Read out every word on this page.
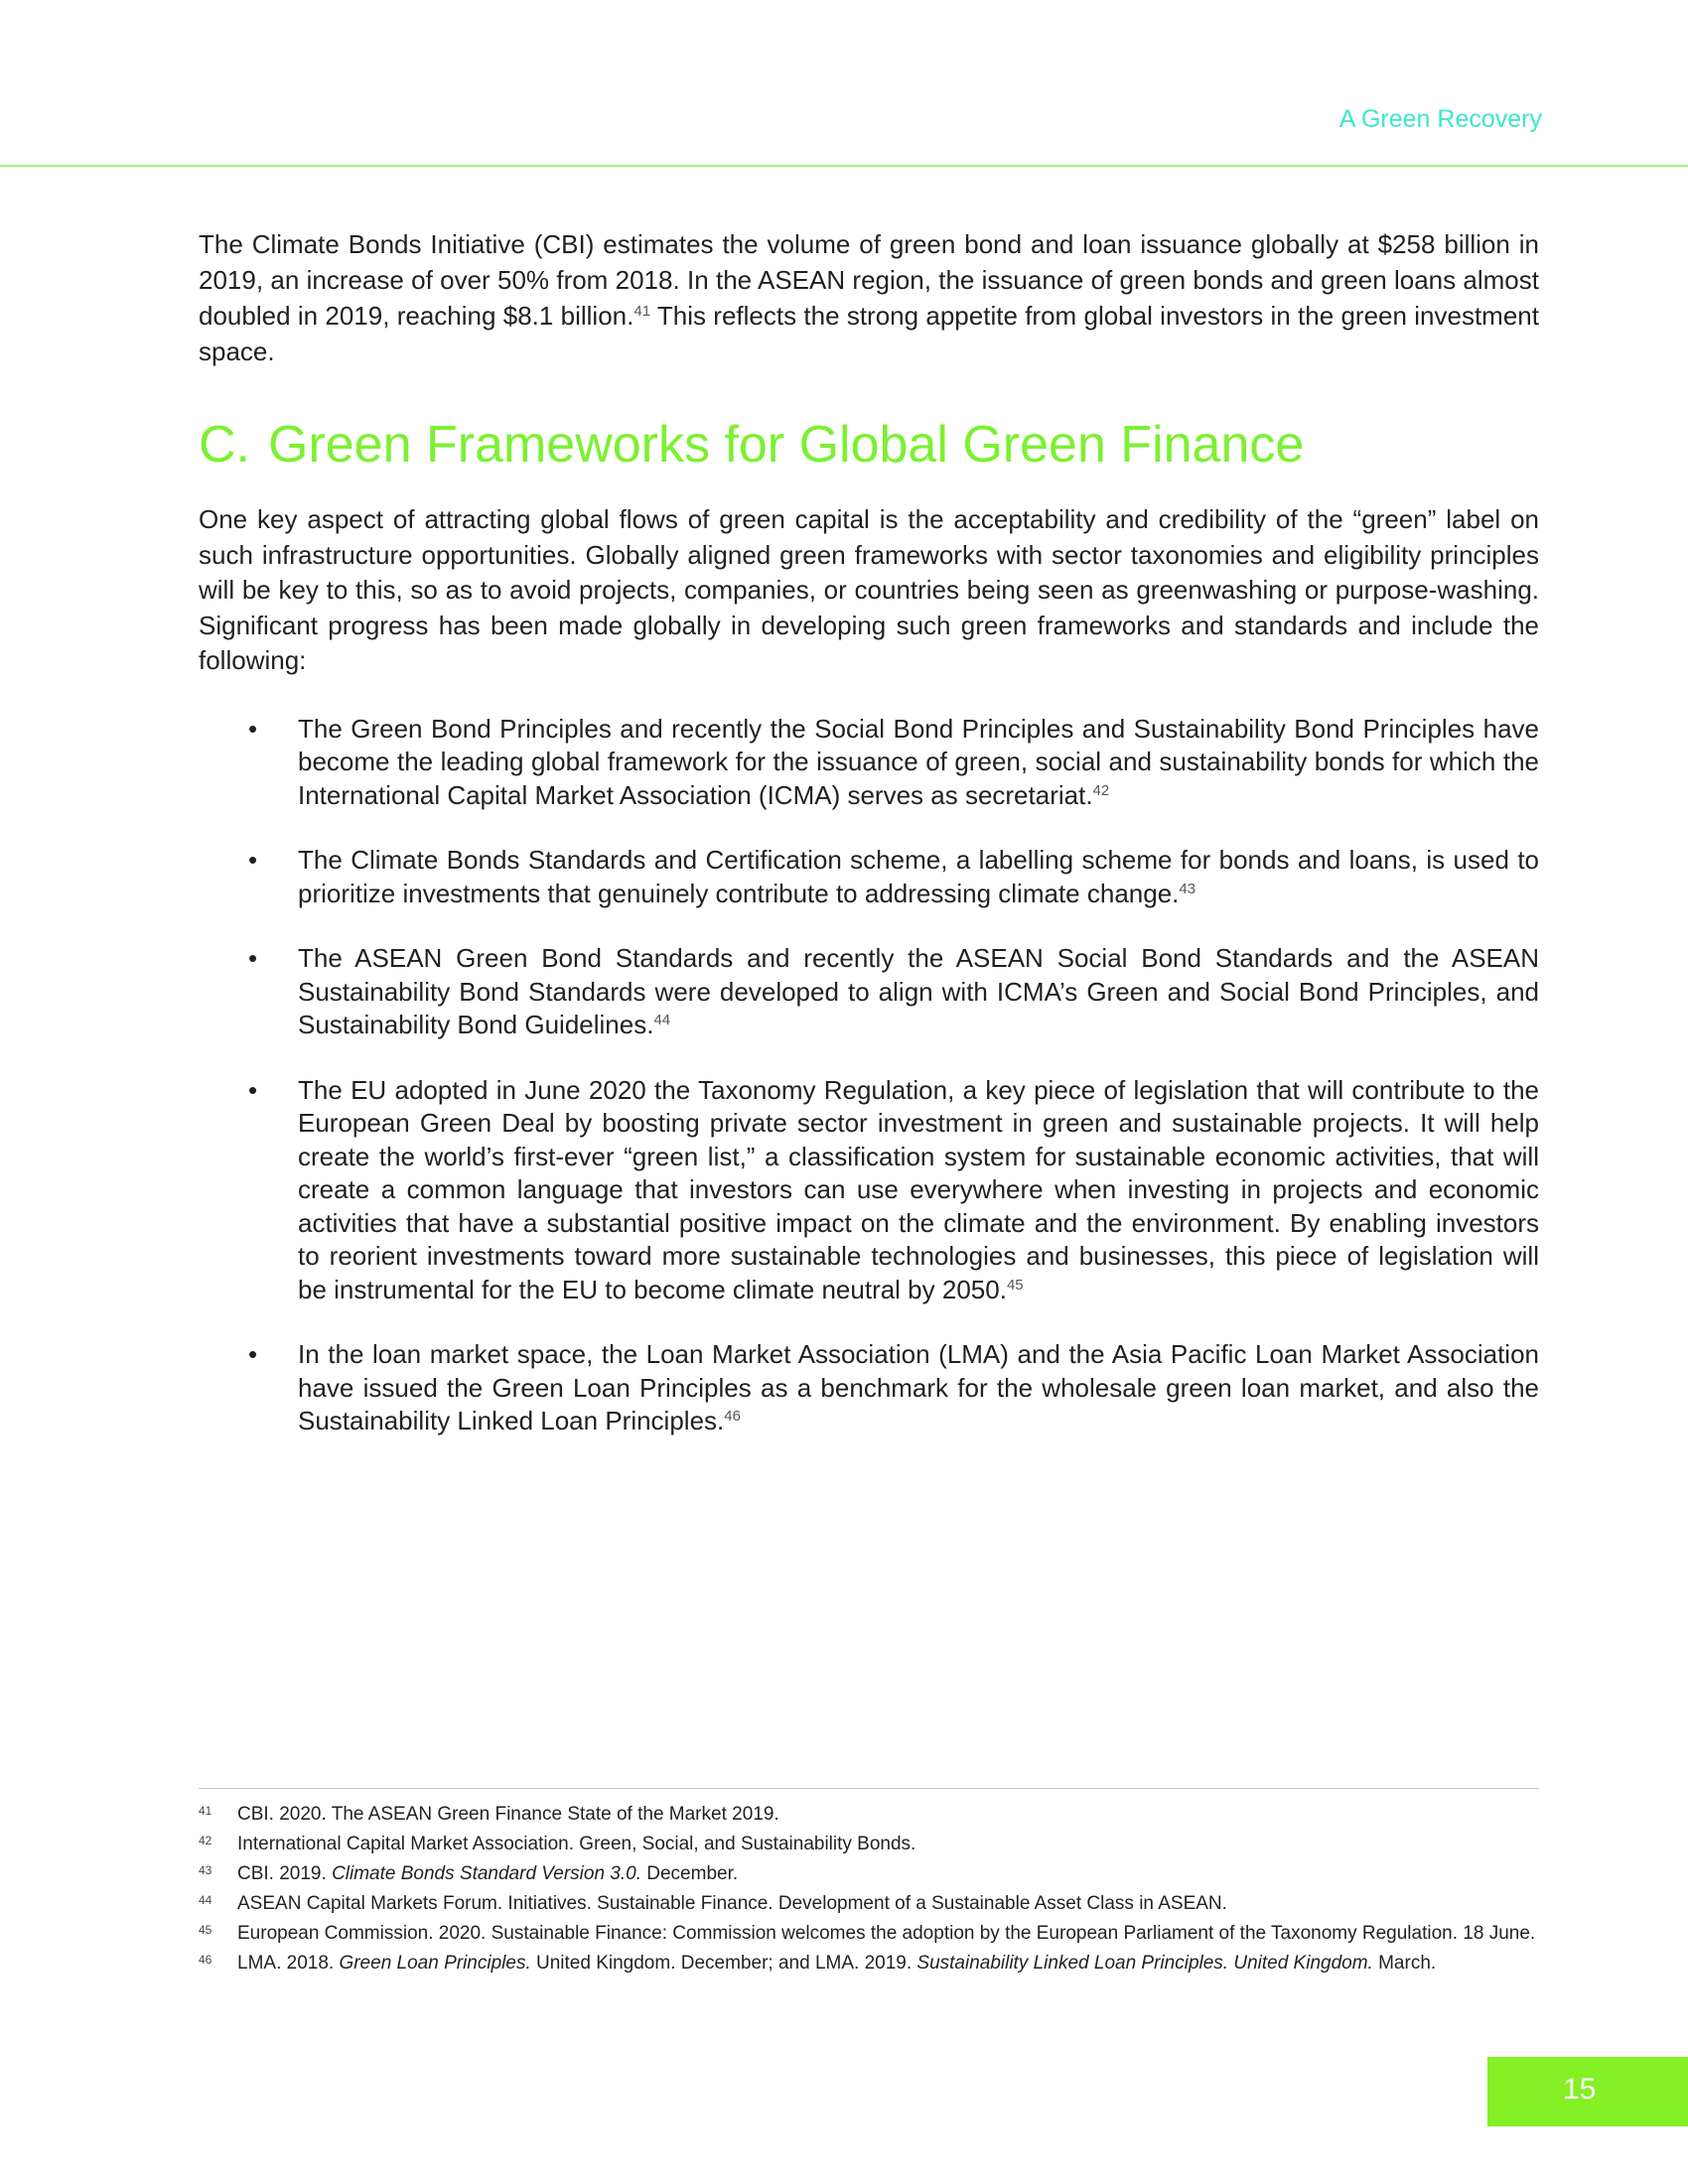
A Green Recovery

The Climate Bonds Initiative (CBI) estimates the volume of green bond and loan issuance globally at $258 billion in 2019, an increase of over 50% from 2018. In the ASEAN region, the issuance of green bonds and green loans almost doubled in 2019, reaching $8.1 billion.$^{41}$ This reflects the strong appetite from global investors in the green investment space.

C. Green Frameworks for Global Green Finance

One key aspect of attracting global flows of green capital is the acceptability and credibility of the “green” label on such infrastructure opportunities. Globally aligned green frameworks with sector taxonomies and eligibility principles will be key to this, so as to avoid projects, companies, or countries being seen as greenwashing or purpose-washing. Significant progress has been made globally in developing such green frameworks and standards and include the following:

• The Green Bond Principles and recently the Social Bond Principles and Sustainability Bond Principles have become the leading global framework for the issuance of green, social and sustainability bonds for which the International Capital Market Association (ICMA) serves as secretariat.$^{42}$
• The Climate Bonds Standards and Certification scheme, a labelling scheme for bonds and loans, is used to prioritize investments that genuinely contribute to addressing climate change.$^{43}$
• The ASEAN Green Bond Standards and recently the ASEAN Social Bond Standards and the ASEAN Sustainability Bond Standards were developed to align with ICMA’s Green and Social Bond Principles, and Sustainability Bond Guidelines.$^{44}$
• The EU adopted in June 2020 the Taxonomy Regulation, a key piece of legislation that will contribute to the European Green Deal by boosting private sector investment in green and sustainable projects. It will help create the world’s first-ever “green list,” a classification system for sustainable economic activities, that will create a common language that investors can use everywhere when investing in projects and economic activities that have a substantial positive impact on the climate and the environment. By enabling investors to reorient investments toward more sustainable technologies and businesses, this piece of legislation will be instrumental for the EU to become climate neutral by 2050.45
• In the loan market space, the Loan Market Association (LMA) and the Asia Pacific Loan Market Association have issued the Green Loan Principles as a benchmark for the wholesale green loan market, and also the Sustainability Linked Loan Principles.$^{46}$
41 CBI. 2020. The ASEAN Green Finance State of the Market 2019.
42 International Capital Market Association. Green, Social, and Sustainability Bonds.
43 CBI. 2019. Climate Bonds Standard Version 3.0. December.
44 ASEAN Capital Markets Forum. Initiatives. Sustainable Finance. Development of a Sustainable Asset Class in ASEAN.
45 European Commission. 2020. Sustainable Finance: Commission welcomes the adoption by the European Parliament of the Taxonomy Regulation. 18 June.
46 LMA. 2018. Green Loan Principles. United Kingdom. December; and LMA. 2019. Sustainability Linked Loan Principles. United Kingdom. March.
15
